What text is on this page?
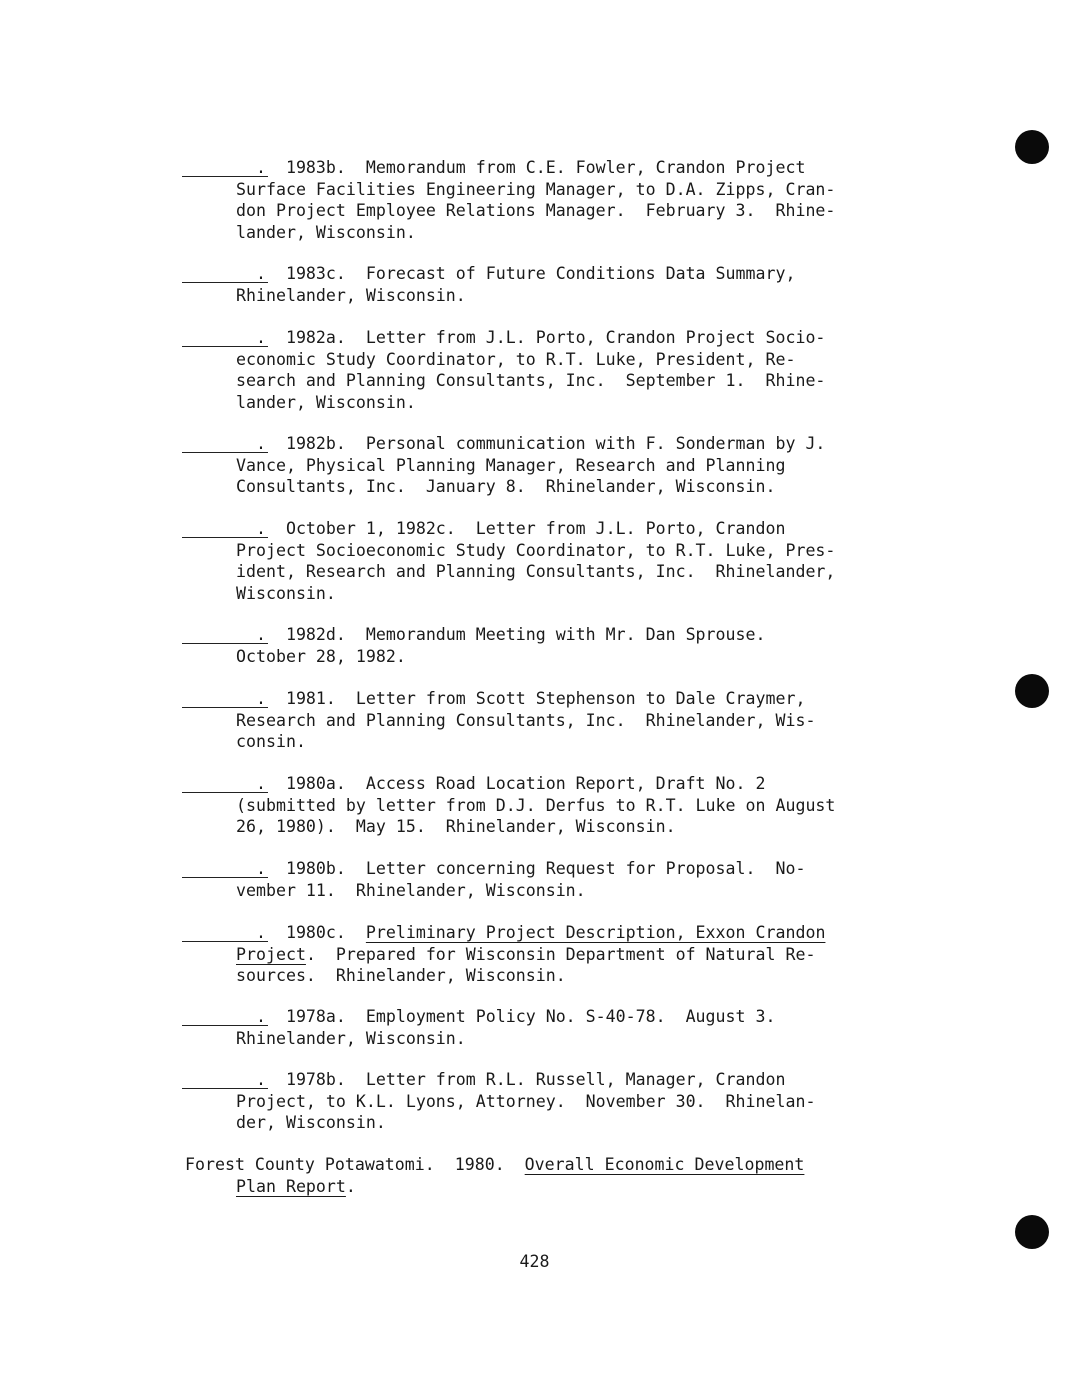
.  1983b.  Memorandum from C.E. Fowler, Crandon Project
Surface Facilities Engineering Manager, to D.A. Zipps, Cran-
don Project Employee Relations Manager.  February 3.  Rhine-
lander, Wisconsin.
.  1983c.  Forecast of Future Conditions Data Summary,
Rhinelander, Wisconsin.
.  1982a.  Letter from J.L. Porto, Crandon Project Socio-
economic Study Coordinator, to R.T. Luke, President, Re-
search and Planning Consultants, Inc.  September 1.  Rhine-
lander, Wisconsin.
.  1982b.  Personal communication with F. Sonderman by J.
Vance, Physical Planning Manager, Research and Planning
Consultants, Inc.  January 8.  Rhinelander, Wisconsin.
.  October 1, 1982c.  Letter from J.L. Porto, Crandon
Project Socioeconomic Study Coordinator, to R.T. Luke, Pres-
ident, Research and Planning Consultants, Inc.  Rhinelander,
Wisconsin.
.  1982d.  Memorandum Meeting with Mr. Dan Sprouse.
October 28, 1982.
.  1981.  Letter from Scott Stephenson to Dale Craymer,
Research and Planning Consultants, Inc.  Rhinelander, Wis-
consin.
.  1980a.  Access Road Location Report, Draft No. 2
(submitted by letter from D.J. Derfus to R.T. Luke on August
26, 1980).  May 15.  Rhinelander, Wisconsin.
.  1980b.  Letter concerning Request for Proposal.  No-
vember 11.  Rhinelander, Wisconsin.
.  1980c.  Preliminary Project Description, Exxon Crandon
Project.  Prepared for Wisconsin Department of Natural Re-
sources.  Rhinelander, Wisconsin.
.  1978a.  Employment Policy No. S-40-78.  August 3.
Rhinelander, Wisconsin.
.  1978b.  Letter from R.L. Russell, Manager, Crandon
Project, to K.L. Lyons, Attorney.  November 30.  Rhinelan-
der, Wisconsin.
Forest County Potawatomi.  1980.  Overall Economic Development
Plan Report.
428
